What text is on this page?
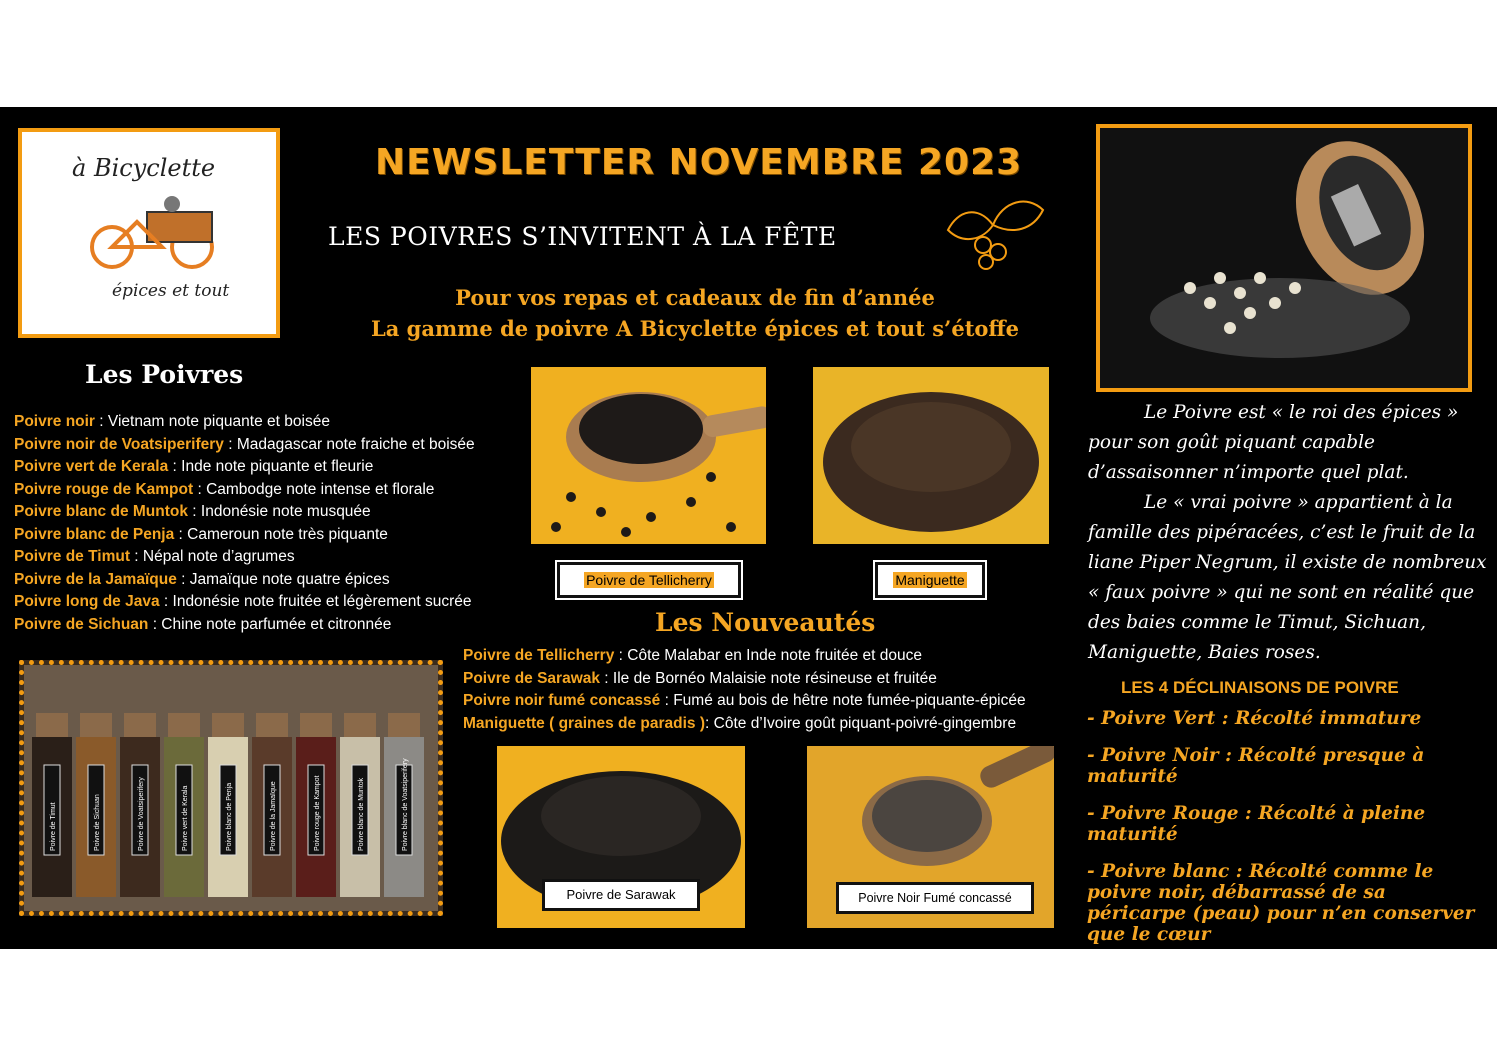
à Bicyclette
épices et tout
NEWSLETTER NOVEMBRE 2023
LES POIVRES S’INVITENT À LA FÊTE
Pour vos repas et cadeaux de fin d’année
La gamme de poivre A Bicyclette épices et tout s’étoffe
Les Poivres
Poivre noir : Vietnam note piquante et boisée
Poivre noir de Voatsiperifery : Madagascar note fraiche et boisée
Poivre vert de Kerala : Inde note piquante et fleurie
Poivre rouge de Kampot : Cambodge note intense et florale
Poivre blanc de Muntok : Indonésie note musquée
Poivre blanc de Penja : Cameroun note très piquante
Poivre de Timut : Népal note d’agrumes
Poivre de la Jamaïque : Jamaïque note quatre épices
Poivre long de Java : Indonésie note fruitée et légèrement sucrée
Poivre de Sichuan : Chine note parfumée et citronnée
Poivre de Timut	Poivre de Sichuan	Poivre de Voatsiperifery	Poivre vert de Kerala	Poivre blanc de Penja	Poivre de la Jamaïque	Poivre rouge de Kampot	Poivre blanc de Muntok	Poivre blanc de Voatsiperifery
Poivre de Tellicherry	Maniguette
Poivre de Sarawak	Poivre Noir Fumé concassé
Les Nouveautés
Poivre de Tellicherry : Côte Malabar en Inde note fruitée et douce
Poivre de Sarawak : Ile de Bornéo Malaisie note résineuse et fruitée
Poivre noir fumé concassé : Fumé au bois de hêtre note fumée-piquante-épicée
Maniguette ( graines de paradis ): Côte d’Ivoire goût piquant-poivré-gingembre

Le Poivre est « le roi des épices » pour son goût piquant capable d’assaisonner n’importe quel plat.

Le « vrai poivre » appartient à la famille des pipéracées, c’est le fruit de la liane Piper Negrum, il existe de nombreux « faux poivre » qui ne sont en réalité que des baies comme le Timut, Sichuan, Maniguette, Baies roses.

LES 4 DÉCLINAISONS DE POIVRE
- Poivre Vert : Récolté immature
- Poivre Noir : Récolté presque à maturité
- Poivre Rouge : Récolté à pleine maturité
- Poivre blanc : Récolté comme le poivre noir, débarrassé de sa péricarpe (peau) pour n’en conserver que le cœur
